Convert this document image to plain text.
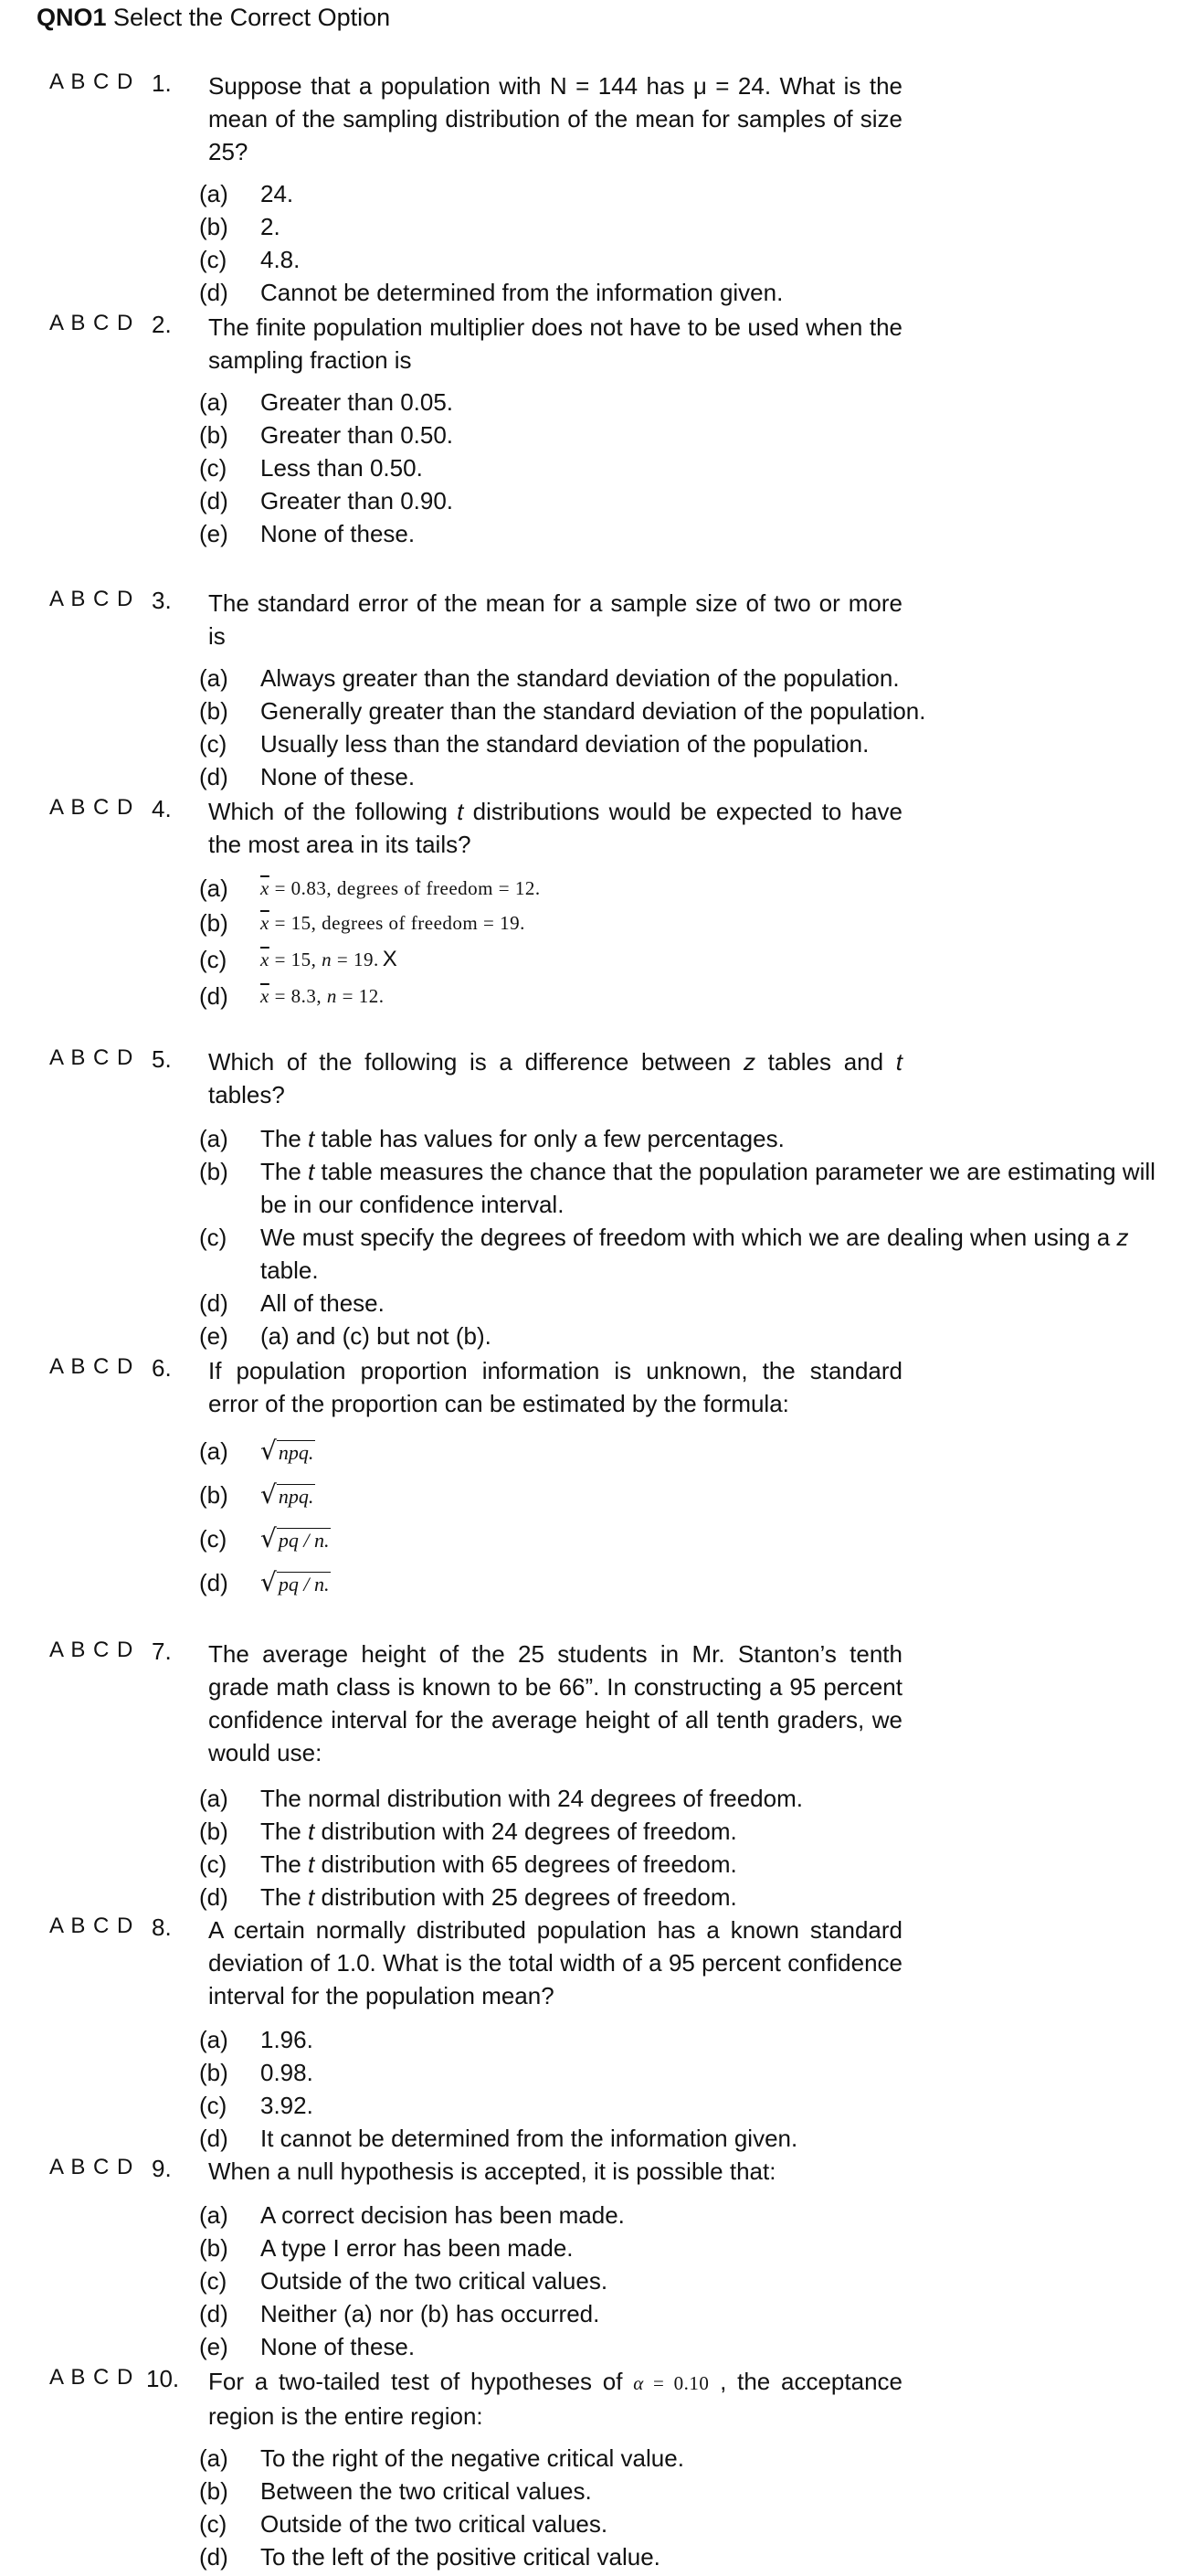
QNO1 Select the Correct Option
A B C D 1. Suppose that a population with N = 144 has μ = 24. What is the mean of the sampling distribution of the mean for samples of size 25?
(a) 24.
(b) 2.
(c) 4.8.
(d) Cannot be determined from the information given.
A B C D 2. The finite population multiplier does not have to be used when the sampling fraction is
(a) Greater than 0.05.
(b) Greater than 0.50.
(c) Less than 0.50.
(d) Greater than 0.90.
(e) None of these.
A B C D 3. The standard error of the mean for a sample size of two or more is
(a) Always greater than the standard deviation of the population.
(b) Generally greater than the standard deviation of the population.
(c) Usually less than the standard deviation of the population.
(d) None of these.
A B C D 4. Which of the following t distributions would be expected to have the most area in its tails?
(a) $\overline{x} = 0.83$, degrees of freedom = 12.
(b) $\overline{x} = 15$, degrees of freedom = 19.
(c) $\overline{x} = 15$, n = 19. X
(d) $\overline{x} = 8.3$, n = 12.
A B C D 5. Which of the following is a difference between z tables and t tables?
(a) The t table has values for only a few percentages.
(b) The t table measures the chance that the population parameter we are estimating will be in our confidence interval.
(c) We must specify the degrees of freedom with which we are dealing when using a z table.
(d) All of these.
(e) (a) and (c) but not (b).
A B C D 6. If population proportion information is unknown, the standard error of the proportion can be estimated by the formula:
(a) √npq.
(b) √npq.
(c) √pq / n.
(d) √pq / n.
A B C D 7. The average height of the 25 students in Mr. Stanton’s tenth grade math class is known to be 66”. In constructing a 95 percent confidence interval for the average height of all tenth graders, we would use:
(a) The normal distribution with 24 degrees of freedom.
(b) The t distribution with 24 degrees of freedom.
(c) The t distribution with 65 degrees of freedom.
(d) The t distribution with 25 degrees of freedom.
A B C D 8. A certain normally distributed population has a known standard deviation of 1.0. What is the total width of a 95 percent confidence interval for the population mean?
(a) 1.96.
(b) 0.98.
(c) 3.92.
(d) It cannot be determined from the information given.
A B C D 9. When a null hypothesis is accepted, it is possible that:
(a) A correct decision has been made.
(b) A type I error has been made.
(c) Outside of the two critical values.
(d) Neither (a) nor (b) has occurred.
(e) None of these.
A B C D 10. For a two-tailed test of hypotheses of α = 0.10 , the acceptance region is the entire region:
(a) To the right of the negative critical value.
(b) Between the two critical values.
(c) Outside of the two critical values.
(d) To the left of the positive critical value.
